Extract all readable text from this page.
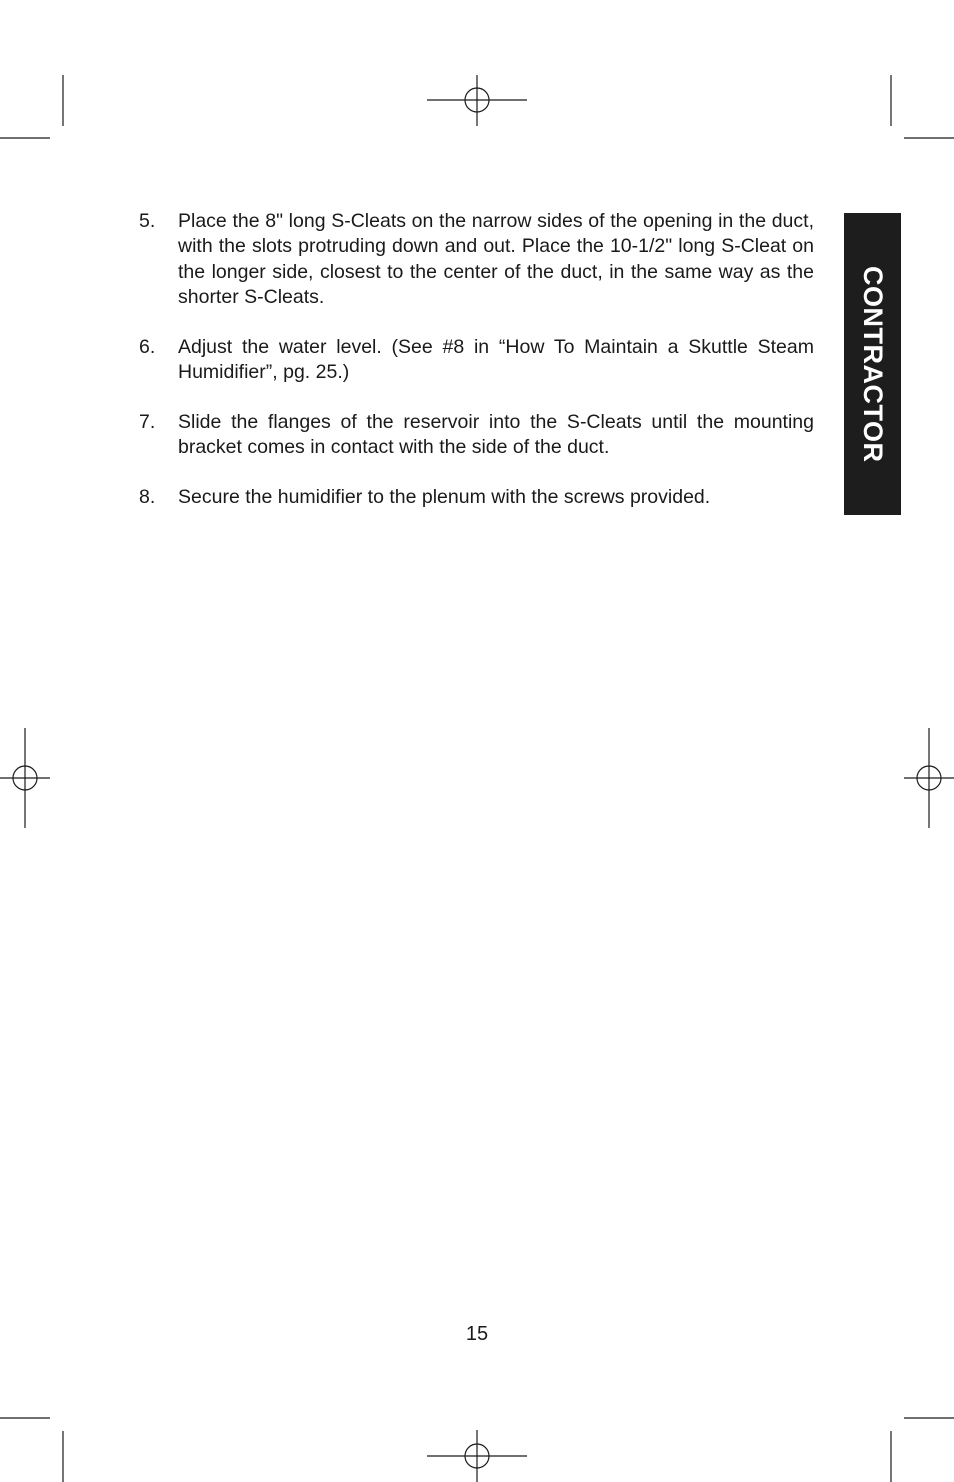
5.	Place the 8" long S-Cleats on the narrow sides of the opening in the duct, with the slots protruding down and out. Place the 10-1/2" long S-Cleat on the longer side, closest to the center of the duct, in the same way as the shorter S-Cleats.
6.	Adjust the water level. (See #8 in “How To Maintain a Skuttle Steam Humidifier”, pg. 25.)
7.	Slide the flanges of the reservoir into the S-Cleats until the mounting bracket comes in contact with the side of the duct.
8.	Secure the humidifier to the plenum with the screws provided.
CONTRACTOR
15
